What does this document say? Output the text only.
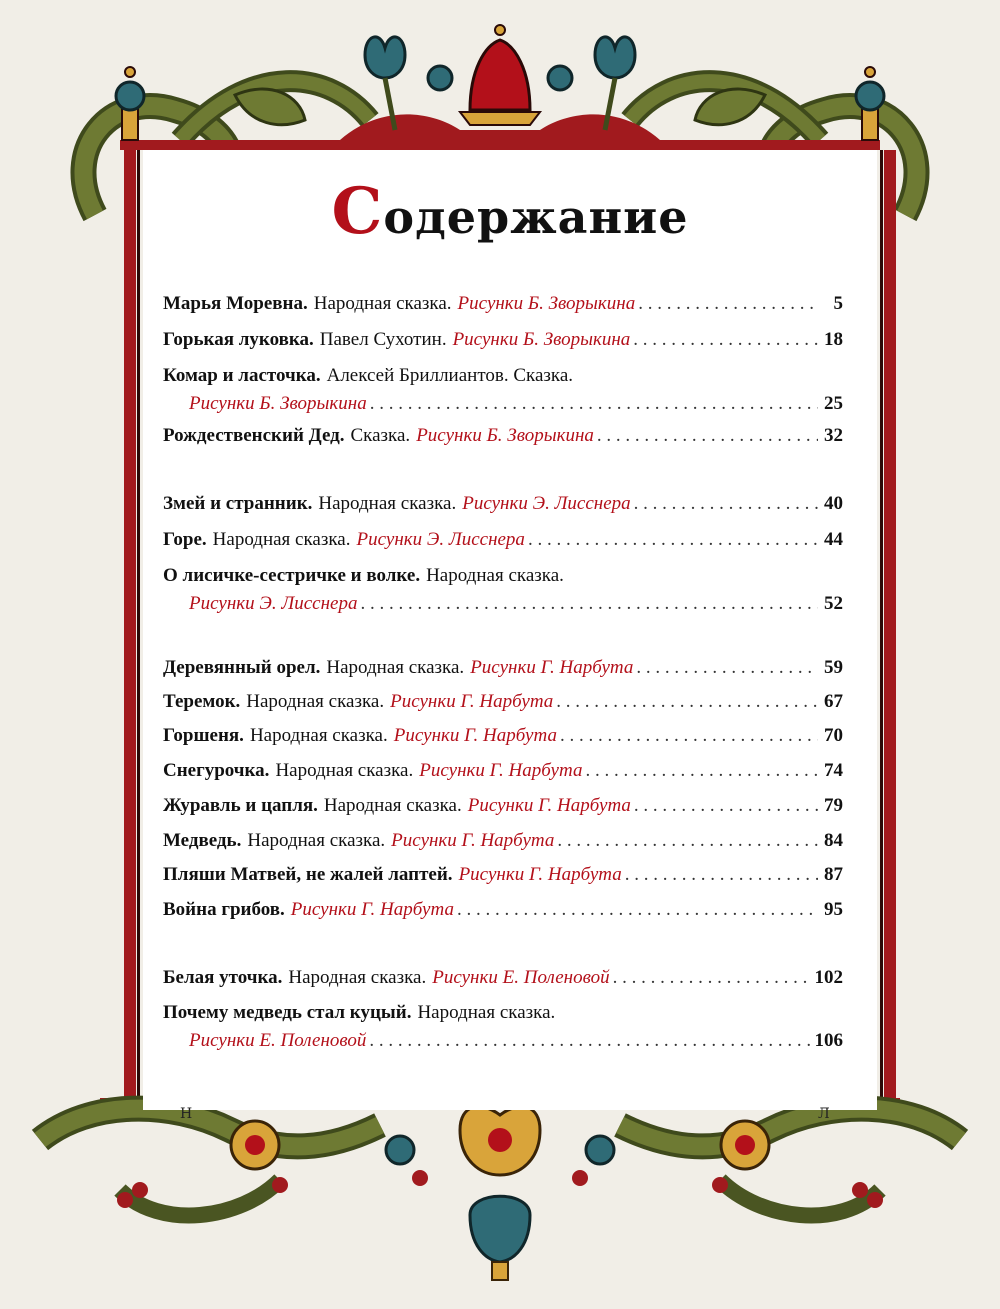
Н	Л
Содержание
Марья Моревна. Народная сказка. Рисунки Б. Зворыкина . . .	5
Горькая луковка. Павел Сухотин. Рисунки Б. Зворыкина . . .	18
Комар и ласточка. Алексей Бриллиантов. Сказка.
Рисунки Б. Зворыкина . . .	25
Рождественский Дед. Сказка. Рисунки Б. Зворыкина . . .	32
Змей и странник. Народная сказка. Рисунки Э. Лисснера . . .	40
Горе. Народная сказка. Рисунки Э. Лисснера . . .	44
О лисичке-сестричке и волке. Народная сказка.
Рисунки Э. Лисснера . . .	52
Деревянный орел. Народная сказка. Рисунки Г. Нарбута . . .	59
Теремок. Народная сказка. Рисунки Г. Нарбута . . .	67
Горшеня. Народная сказка. Рисунки Г. Нарбута . . .	70
Снегурочка. Народная сказка. Рисунки Г. Нарбута . . .	74
Журавль и цапля. Народная сказка. Рисунки Г. Нарбута . . .	79
Медведь. Народная сказка. Рисунки Г. Нарбута . . .	84
Пляши Матвей, не жалей лаптей. Рисунки Г. Нарбута . . .	87
Война грибов. Рисунки Г. Нарбута . . .	95
Белая уточка. Народная сказка. Рисунки Е. Поленовой . . .	102
Почему медведь стал куцый. Народная сказка.
Рисунки Е. Поленовой . . .	106
